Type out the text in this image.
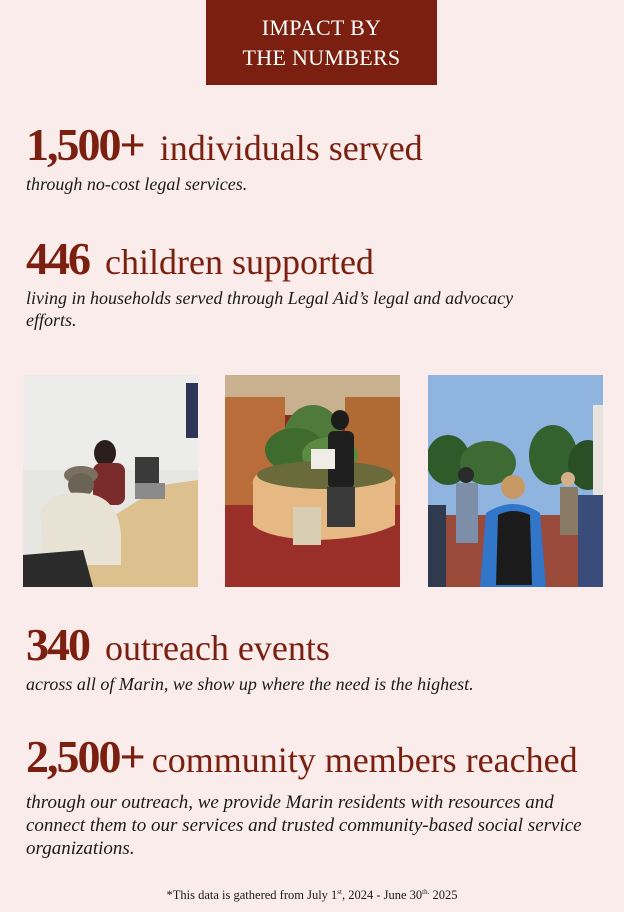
IMPACT BY
THE NUMBERS
1,500+ individuals served
through no-cost legal services.
446 children supported
living in households served through Legal Aid’s legal and advocacy efforts.
340 outreach events
across all of Marin, we show up where the need is the highest.
2,500+ community members reached
through our outreach, we provide Marin residents with resources and connect them to our services and trusted community-based social service organizations.
*This data is gathered from July 1st, 2024 - June $30^{th.}$ 2025
